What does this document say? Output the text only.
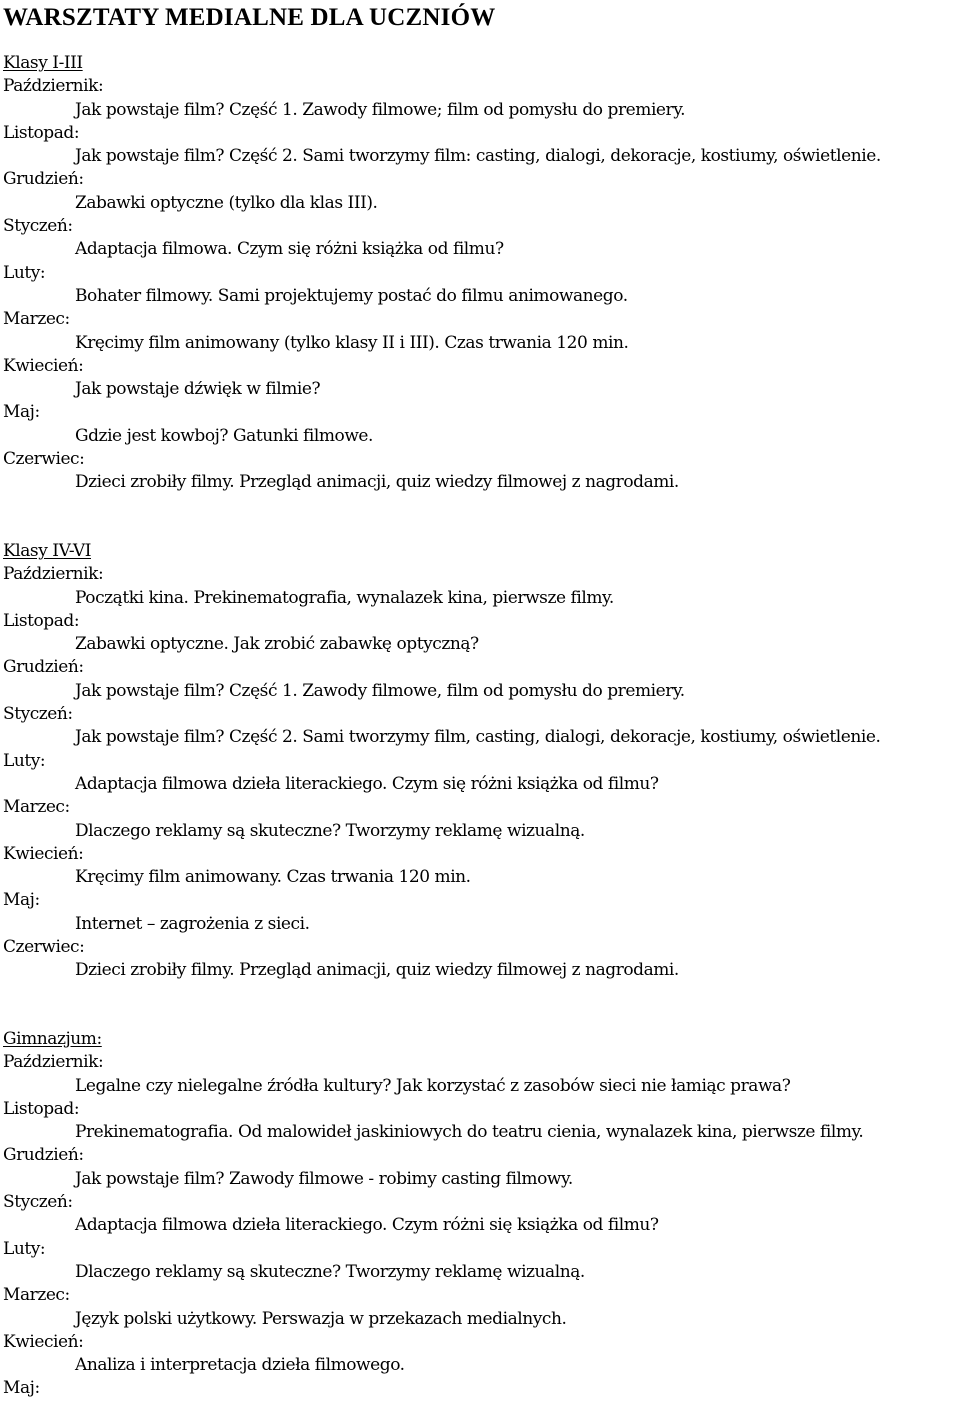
WARSZTATY MEDIALNE DLA UCZNIÓW
Klasy I-III
Październik:
Jak powstaje film? Część 1. Zawody filmowe; film od pomysłu do premiery.
Listopad:
Jak powstaje film? Część 2. Sami tworzymy film: casting, dialogi, dekoracje, kostiumy, oświetlenie.
Grudzień:
Zabawki optyczne (tylko dla klas III).
Styczeń:
Adaptacja filmowa. Czym się różni książka od filmu?
Luty:
Bohater filmowy. Sami projektujemy postać do filmu animowanego.
Marzec:
Kręcimy film animowany (tylko klasy II i III). Czas trwania 120 min.
Kwiecień:
Jak powstaje dźwięk w filmie?
Maj:
Gdzie jest kowboj? Gatunki filmowe.
Czerwiec:
Dzieci zrobiły filmy. Przegląd animacji, quiz wiedzy filmowej z nagrodami.
Klasy IV-VI
Październik:
Początki kina. Prekinematografia, wynalazek kina, pierwsze filmy.
Listopad:
Zabawki optyczne. Jak zrobić zabawkę optyczną?
Grudzień:
Jak powstaje film? Część 1. Zawody filmowe, film od pomysłu do premiery.
Styczeń:
Jak powstaje film? Część 2. Sami tworzymy film, casting, dialogi, dekoracje, kostiumy, oświetlenie.
Luty:
Adaptacja filmowa dzieła literackiego. Czym się różni książka od filmu?
Marzec:
Dlaczego reklamy są skuteczne? Tworzymy reklamę wizualną.
Kwiecień:
Kręcimy film animowany. Czas trwania 120 min.
Maj:
Internet – zagrożenia z sieci.
Czerwiec:
Dzieci zrobiły filmy. Przegląd animacji, quiz wiedzy filmowej z nagrodami.
Gimnazjum:
Październik:
Legalne czy nielegalne źródła kultury? Jak korzystać z zasobów sieci nie łamiąc prawa?
Listopad:
Prekinematografia. Od malowideł jaskiniowych do teatru cienia, wynalazek kina, pierwsze filmy.
Grudzień:
Jak powstaje film? Zawody filmowe - robimy casting filmowy.
Styczeń:
Adaptacja filmowa dzieła literackiego. Czym różni się książka od filmu?
Luty:
Dlaczego reklamy są skuteczne? Tworzymy reklamę wizualną.
Marzec:
Język polski użytkowy. Perswazja w przekazach medialnych.
Kwiecień:
Analiza i interpretacja dzieła filmowego.
Maj:
